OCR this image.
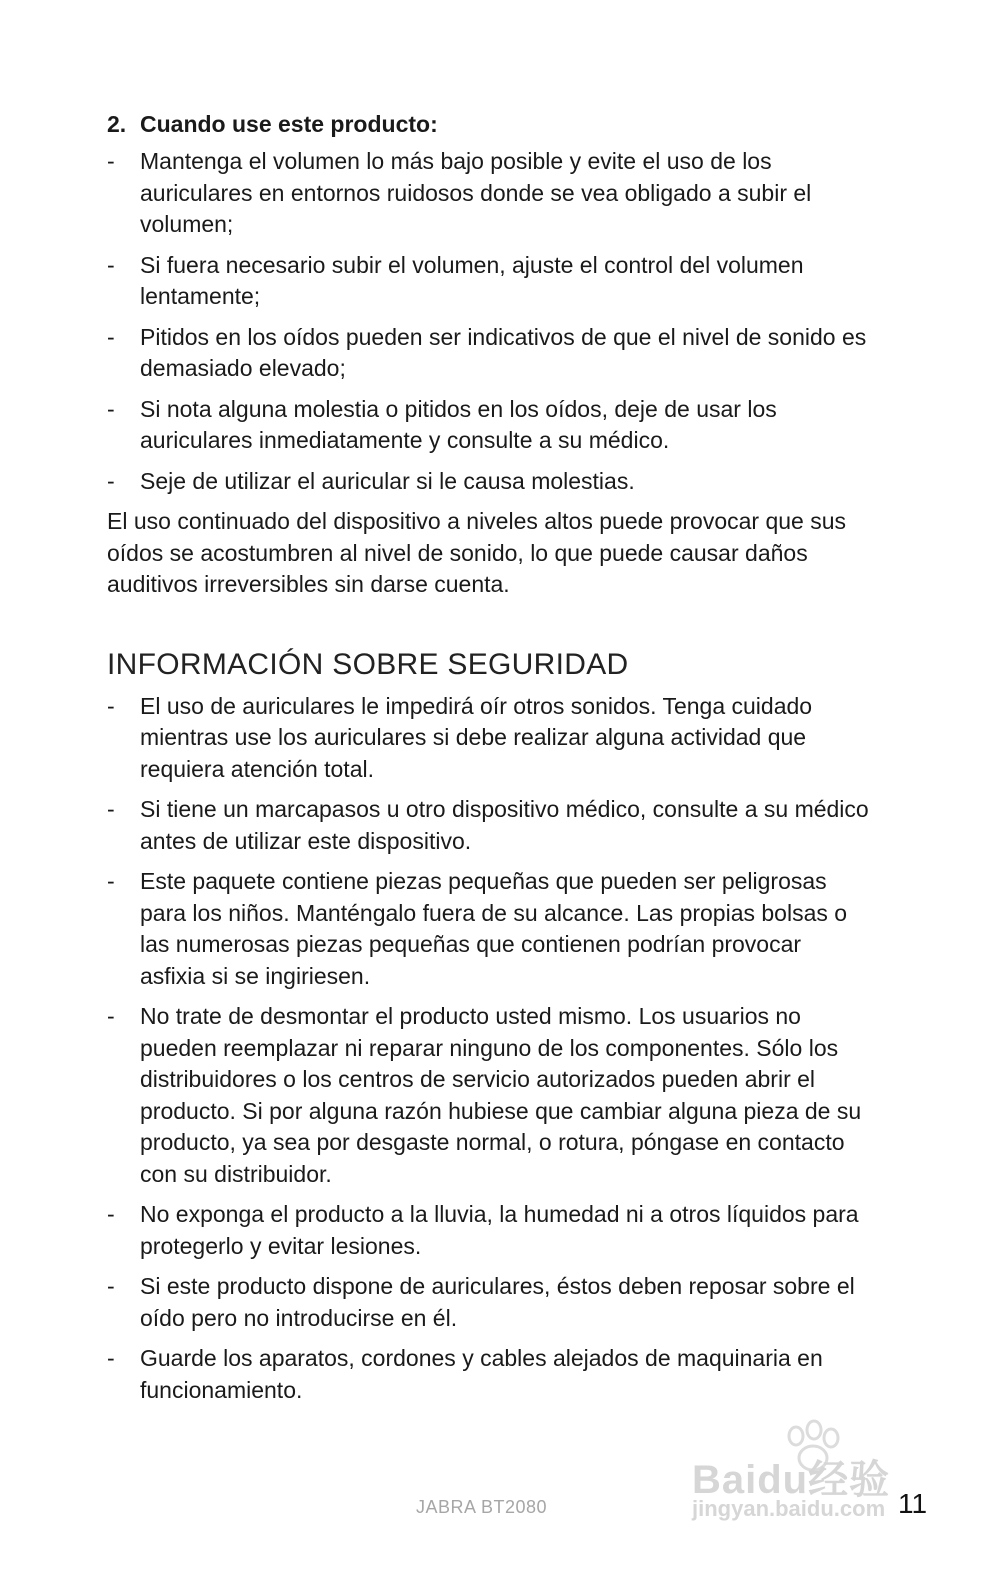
2. Cuando use este producto:
-	Mantenga el volumen lo más bajo posible y evite el uso de los auriculares en entornos ruidosos donde se vea obligado a subir el volumen;
-	Si fuera necesario subir el volumen, ajuste el control del volumen lentamente;
-	Pitidos en los oídos pueden ser indicativos de que el nivel de sonido es demasiado elevado;
-	Si nota alguna molestia o pitidos en los oídos, deje de usar los auriculares inmediatamente y consulte a su médico.
-	Seje de utilizar el auricular si le causa molestias.

El uso continuado del dispositivo a niveles altos puede provocar que sus oídos se acostumbren al nivel de sonido, lo que puede causar daños auditivos irreversibles sin darse cuenta.

INFORMACIÓN SOBRE SEGURIDAD
-	El uso de auriculares le impedirá oír otros sonidos. Tenga cuidado mientras use los auriculares si debe realizar alguna actividad que requiera atención total.
-	Si tiene un marcapasos u otro dispositivo médico, consulte a su médico antes de utilizar este dispositivo.
-	Este paquete contiene piezas pequeñas que pueden ser peligrosas para los niños. Manténgalo fuera de su alcance. Las propias bolsas o las numerosas piezas pequeñas que contienen podrían provocar asfixia si se ingiriesen.
-	No trate de desmontar el producto usted mismo. Los usuarios no pueden reemplazar ni reparar ninguno de los componentes. Sólo los distribuidores o los centros de servicio autorizados pueden abrir el producto. Si por alguna razón hubiese que cambiar alguna pieza de su producto, ya sea por desgaste normal, o rotura, póngase en contacto con su distribuidor.
-	No exponga el producto a la lluvia, la humedad ni a otros líquidos para protegerlo y evitar lesiones.
-	Si este producto dispone de auriculares, éstos deben reposar sobre el oído pero no introducirse en él.
-	Guarde los aparatos, cordones y cables alejados de maquinaria en funcionamiento.
Baidu经验
jingyan.baidu.com
JABRA BT2080	11
